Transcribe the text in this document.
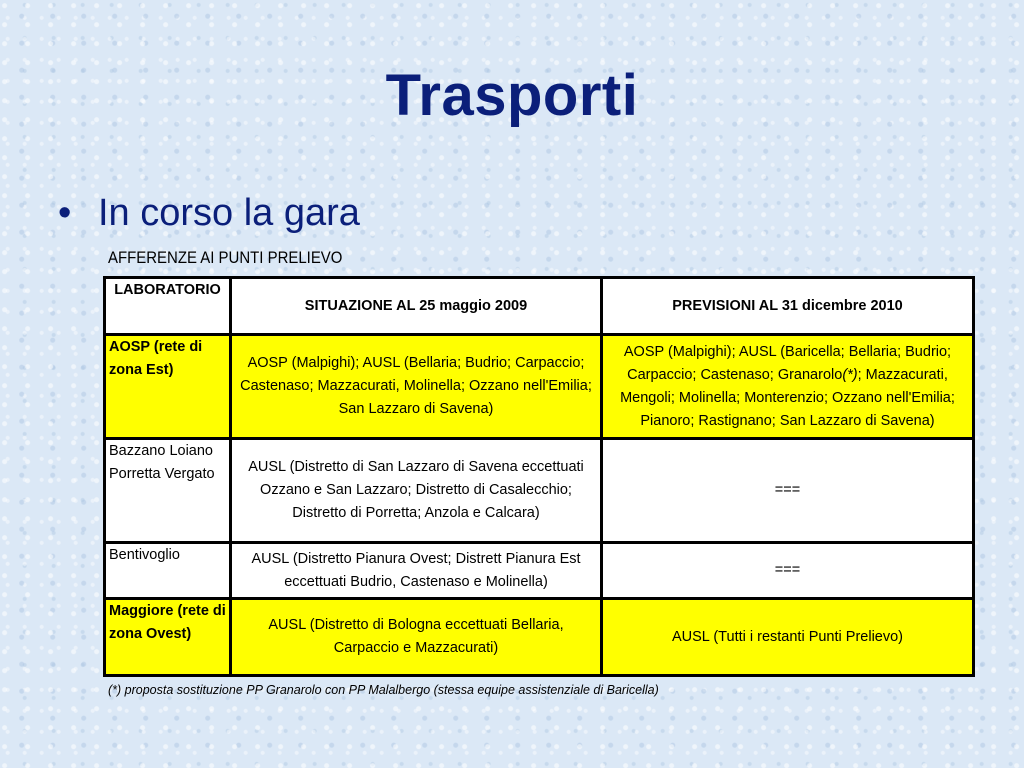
Trasporti
• In corso la gara
AFFERENZE AI PUNTI PRELIEVO
LABORATORIO	SITUAZIONE AL 25 maggio 2009	PREVISIONI AL 31 dicembre 2010
AOSP (rete di zona Est)	AOSP (Malpighi); AUSL (Bellaria; Budrio; Carpaccio; Castenaso; Mazzacurati, Molinella; Ozzano nell'Emilia; San Lazzaro di Savena)	AOSP (Malpighi); AUSL (Baricella; Bellaria; Budrio; Carpaccio; Castenaso; Granarolo(*); Mazzacurati, Mengoli; Molinella; Monterenzio; Ozzano nell'Emilia; Pianoro; Rastignano; San Lazzaro di Savena)
Bazzano Loiano Porretta Vergato	AUSL (Distretto di San Lazzaro di Savena eccettuati Ozzano e San Lazzaro; Distretto di Casalecchio; Distretto di Porretta; Anzola e Calcara)	===
Bentivoglio	AUSL (Distretto Pianura Ovest; Distrett Pianura Est eccettuati Budrio, Castenaso e Molinella)	===
Maggiore (rete di zona Ovest)	AUSL (Distretto di Bologna eccettuati Bellaria, Carpaccio e Mazzacurati)	AUSL (Tutti i restanti Punti Prelievo)
(*) proposta sostituzione PP Granarolo con PP Malalbergo (stessa equipe assistenziale di Baricella)
